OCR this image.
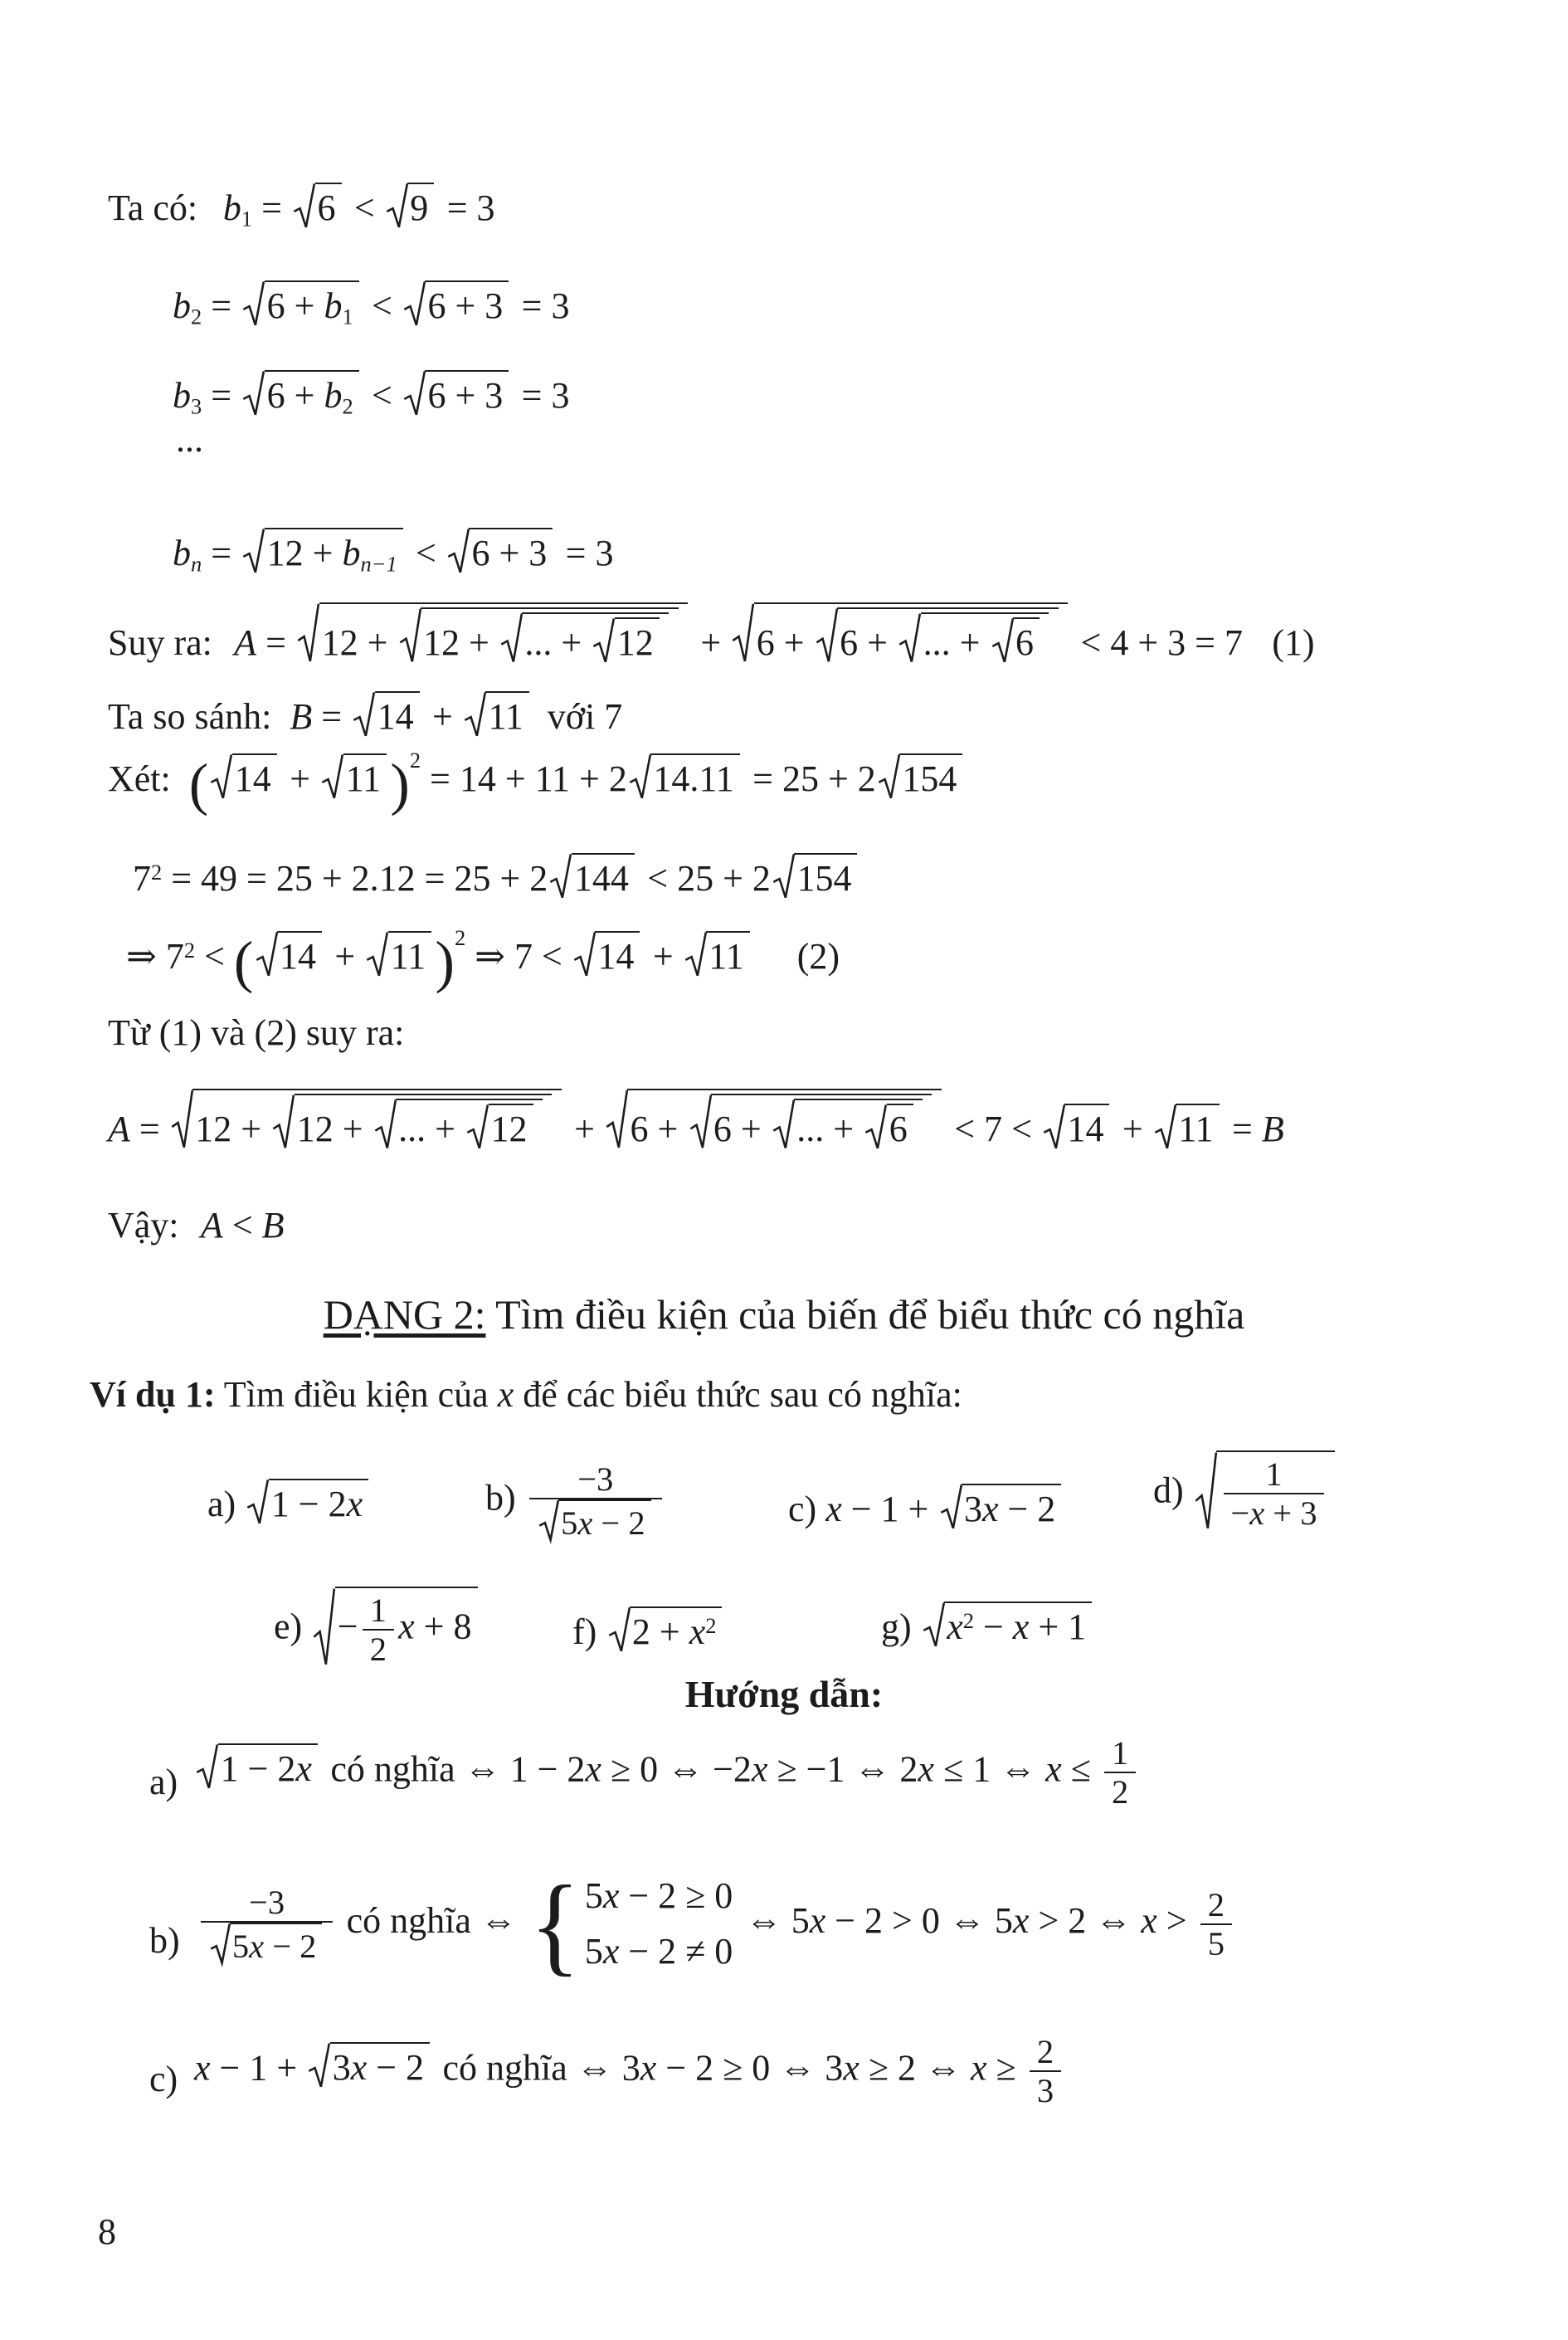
Ta có: $b_1$ =
6 <
9 = 3
$b_2$ =
$6 + b_1$ <
6 + 3 = 3
$b_3$ =
$6 + b_2$ <
6 + 3 = 3
...
$b_n$ =
$12 + b_{n-1}$ <
6 + 3 = 3
Suy ra: A =
12 +
12 +
... +
12 +
6 +
6 +
... +
6 < 4 + 3 = 7 (1)
Ta so sánh: B =
14 +
11 với 7
Xét: ( 14 +
11 )$^2$ = 14 + 11 + 2 14.11 = 25 + 2 154
$7^2 = 49 = 25 + 2.12 = 25 + 2$ 144 < 25 + 2 154
⇒ $7^2$ < ( 14 +
11 )$^2$ ⇒ 7 <
14 +
11 (2)
Từ (1) và (2) suy ra:
A =
12 +
12 +
... +
12 +
6 +
6 +
... +
6 < 7 <
14 +
11 = B
Vậy: A < B
DẠNG 2: Tìm điều kiện của biến để biểu thức có nghĩa
Ví dụ 1: Tìm điều kiện của x để các biểu thức sau có nghĩa:
a)
1 − 2x	$b) \frac{-3}{5x - 2}$	c) x − 1 +
3x − 2	$d) \frac{1}{-x + 3}$
e)
− $\frac{1}{2}$ x + 8	f)
$2 + x^2$	g)
$x^2 - x + 1$
Hướng dẫn:
a) 1 − 2x có nghĩa ⇔ 1 − 2x ≥ 0 ⇔ −2x ≥ −1 ⇔ 2x ≤ 1 ⇔ $x \le \frac{1}{2}$
$b) \frac{-3}{5x - 2}$ có nghĩa ⇔ { 5x − 2 ≥ 0
5x − 2 ≠ 0
⇔ 5x − 2 > 0 ⇔ 5x > 2 ⇔ $x > \frac{2}{5}$
c) x − 1 +
3x − 2 có nghĩa ⇔ 3x − 2 ≥ 0 ⇔ 3x ≥ 2 ⇔ $x \ge \frac{2}{3}$
8
